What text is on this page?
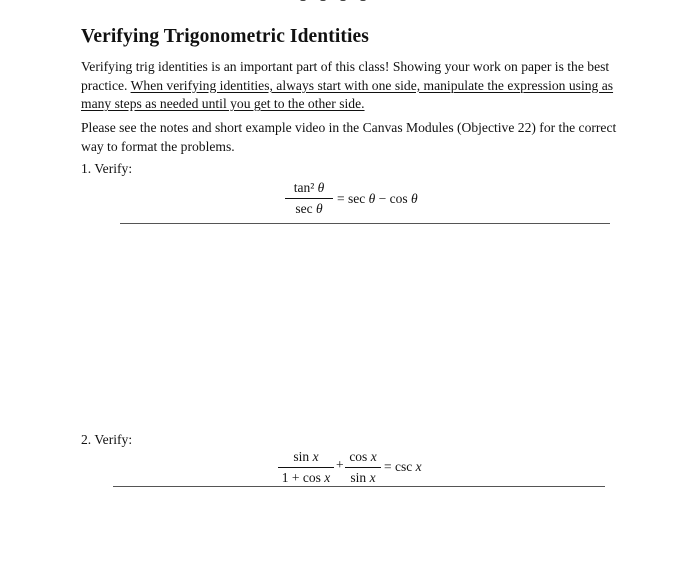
Verifying Trigonometric Identities

Verifying trig identities is an important part of this class! Showing your work on paper is the best practice. When verifying identities, always start with one side, manipulate the expression using as many steps as needed until you get to the other side.

Please see the notes and short example video in the Canvas Modules (Objective 22) for the correct way to format the problems.

1. Verify:

tan² θ
sec θ
= sec θ − cos θ

2. Verify:

sin x
1 + cos x
+
cos x
sin x
= csc x
